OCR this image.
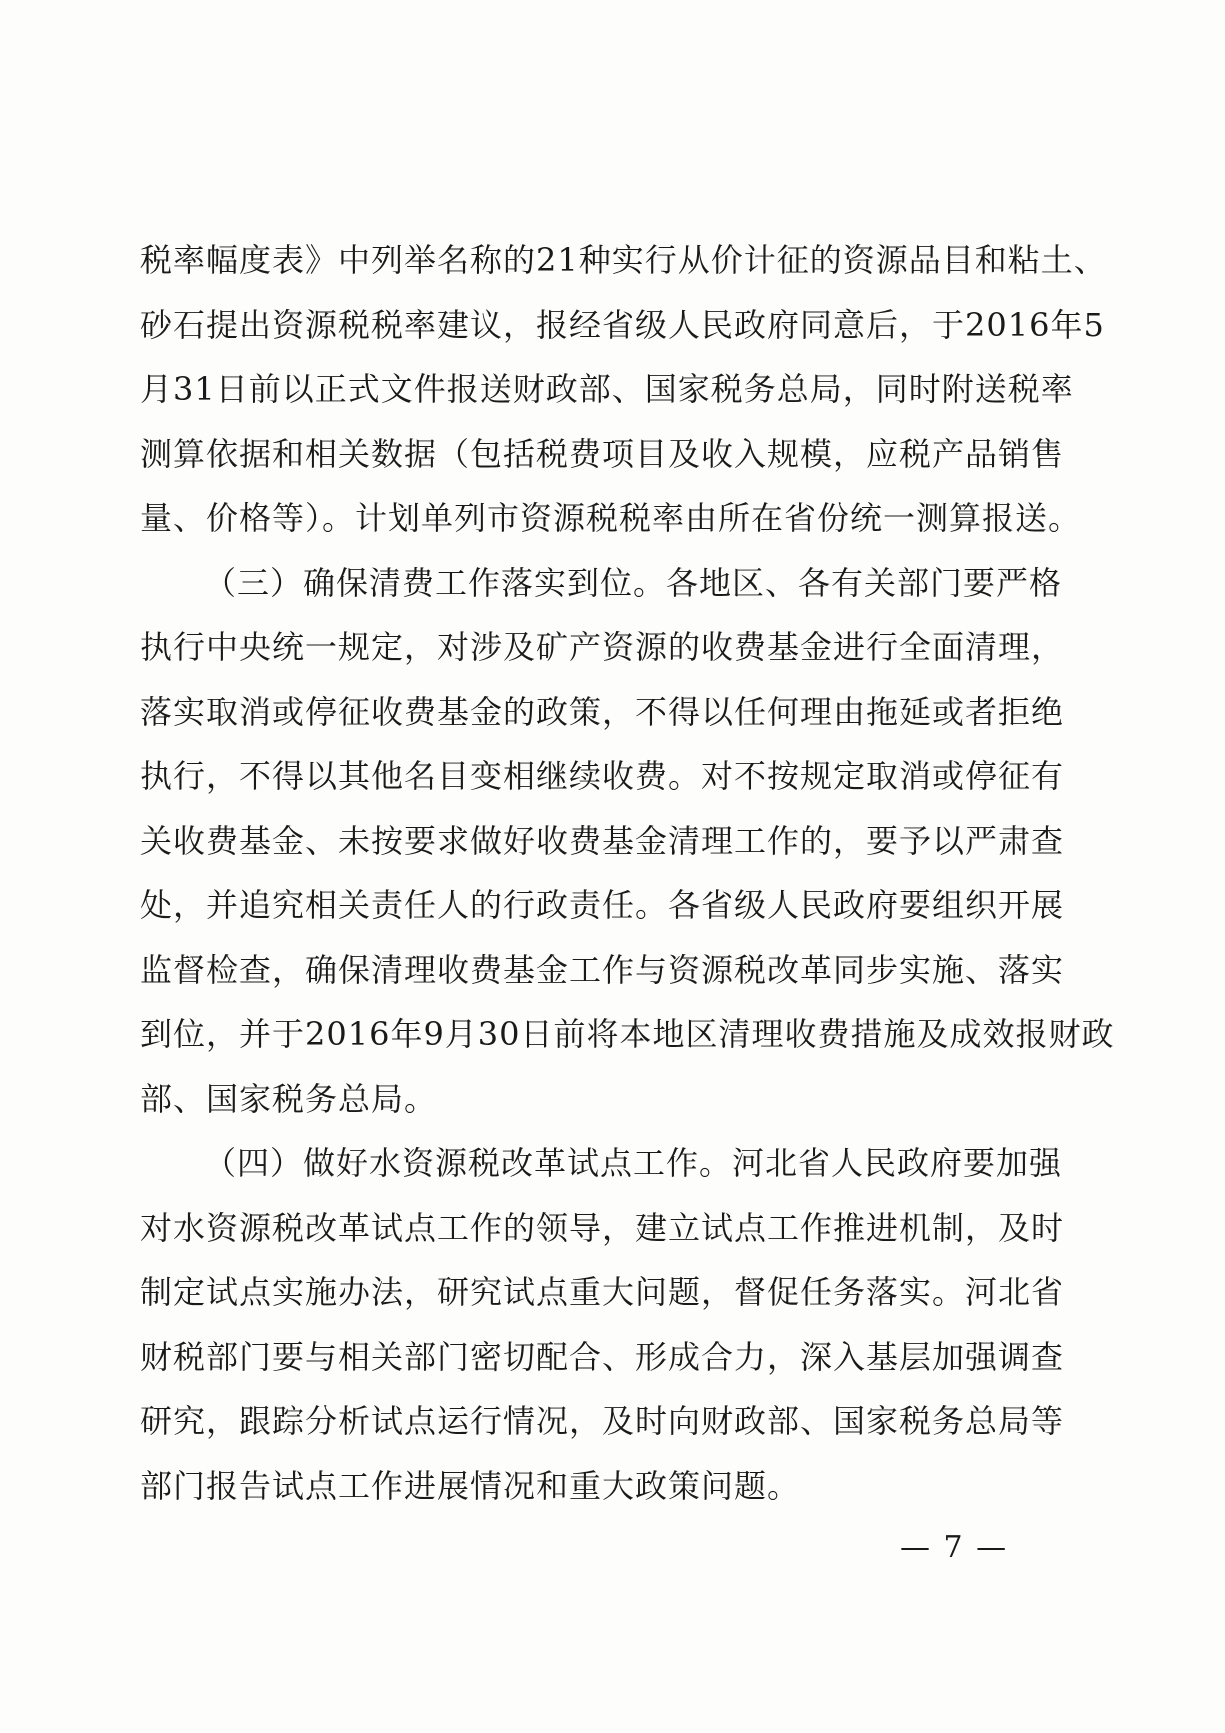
税率幅度表》中列举名称的21种实行从价计征的资源品目和粘土、
砂石提出资源税税率建议，报经省级人民政府同意后，于2016年5
月31日前以正式文件报送财政部、国家税务总局，同时附送税率
测算依据和相关数据（包括税费项目及收入规模，应税产品销售
量、价格等）。计划单列市资源税税率由所在省份统一测算报送。
（三）确保清费工作落实到位。各地区、各有关部门要严格
执行中央统一规定，对涉及矿产资源的收费基金进行全面清理，
落实取消或停征收费基金的政策，不得以任何理由拖延或者拒绝
执行，不得以其他名目变相继续收费。对不按规定取消或停征有
关收费基金、未按要求做好收费基金清理工作的，要予以严肃查
处，并追究相关责任人的行政责任。各省级人民政府要组织开展
监督检查，确保清理收费基金工作与资源税改革同步实施、落实
到位，并于2016年9月30日前将本地区清理收费措施及成效报财政
部、国家税务总局。
（四）做好水资源税改革试点工作。河北省人民政府要加强
对水资源税改革试点工作的领导，建立试点工作推进机制，及时
制定试点实施办法，研究试点重大问题，督促任务落实。河北省
财税部门要与相关部门密切配合、形成合力，深入基层加强调查
研究，跟踪分析试点运行情况，及时向财政部、国家税务总局等
部门报告试点工作进展情况和重大政策问题。
— 7 —
